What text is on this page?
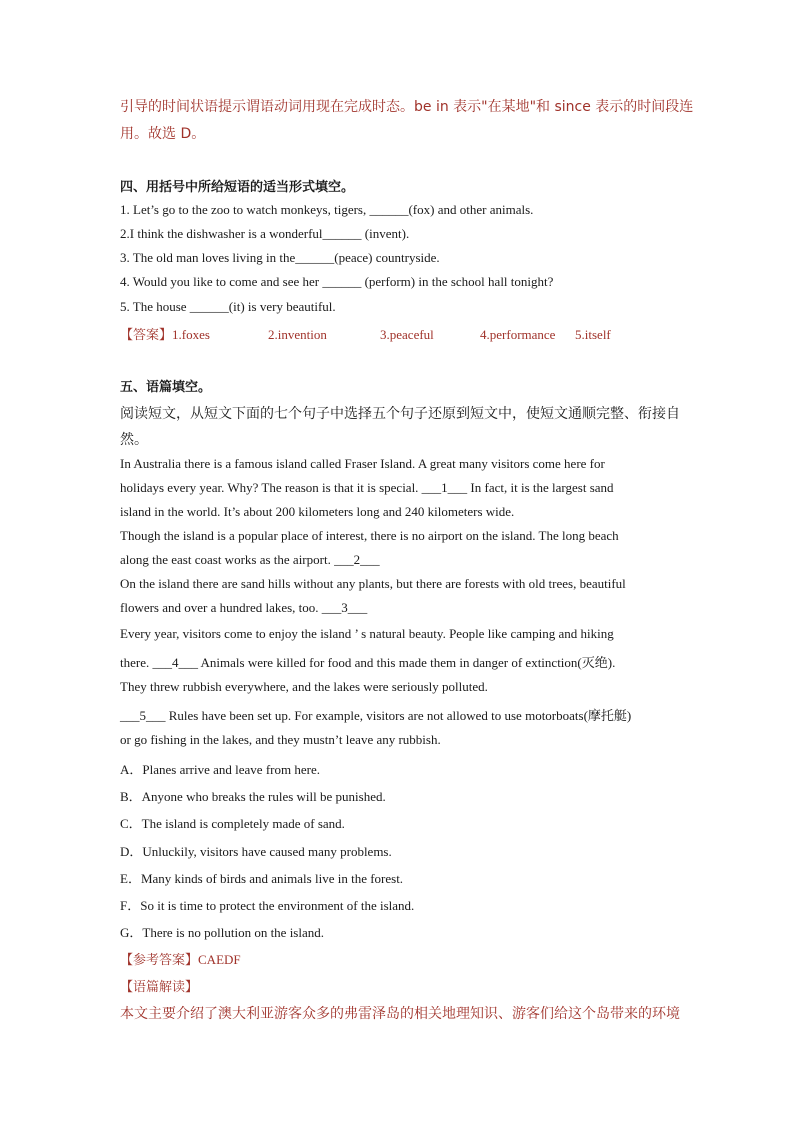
引导的时间状语提示谓语动词用现在完成时态。be in 表示"在某地"和 since 表示的时间段连
用。故选 D。
四、用括号中所给短语的适当形式填空。
1. Let’s go to the zoo to watch monkeys, tigers, ______(fox) and other animals.
2.I think the dishwasher is a wonderful______ (invent).
3. The old man loves living in the______(peace) countryside.
4. Would you like to come and see her ______ (perform) in the school hall tonight?
5. The house ______(it) is very beautiful.
【答案】1.foxes	2.invention	3.peaceful	4.performance 5.itself
五、语篇填空。
阅读短文，从短文下面的七个句子中选择五个句子还原到短文中，使短文通顺完整、衔接自
然。
In Australia there is a famous island called Fraser Island. A great many visitors come here for
holidays every year. Why? The reason is that it is special. ___1___ In fact, it is the largest sand
island in the world. It’s about 200 kilometers long and 240 kilometers wide.
Though the island is a popular place of interest, there is no airport on the island. The long beach
along the east coast works as the airport. ___2___
On the island there are sand hills without any plants, but there are forests with old trees, beautiful
flowers and over a hundred lakes, too. ___3___
Every year, visitors come to enjoy the island ’ s natural beauty. People like camping and hiking
there. ___4___ Animals were killed for food and this made them in danger of extinction(灭绝).
They threw rubbish everywhere, and the lakes were seriously polluted.
___5___ Rules have been set up. For example, visitors are not allowed to use motorboats(摩托艇)
or go fishing in the lakes, and they mustn’t leave any rubbish.
A．Planes arrive and leave from here.
B．Anyone who breaks the rules will be punished.
C．The island is completely made of sand.
D．Unluckily, visitors have caused many problems.
E．Many kinds of birds and animals live in the forest.
F．So it is time to protect the environment of the island.
G．There is no pollution on the island.
【参考答案】CAEDF
【语篇解读】
本文主要介绍了澳大利亚游客众多的弗雷泽岛的相关地理知识、游客们给这个岛带来的环境
